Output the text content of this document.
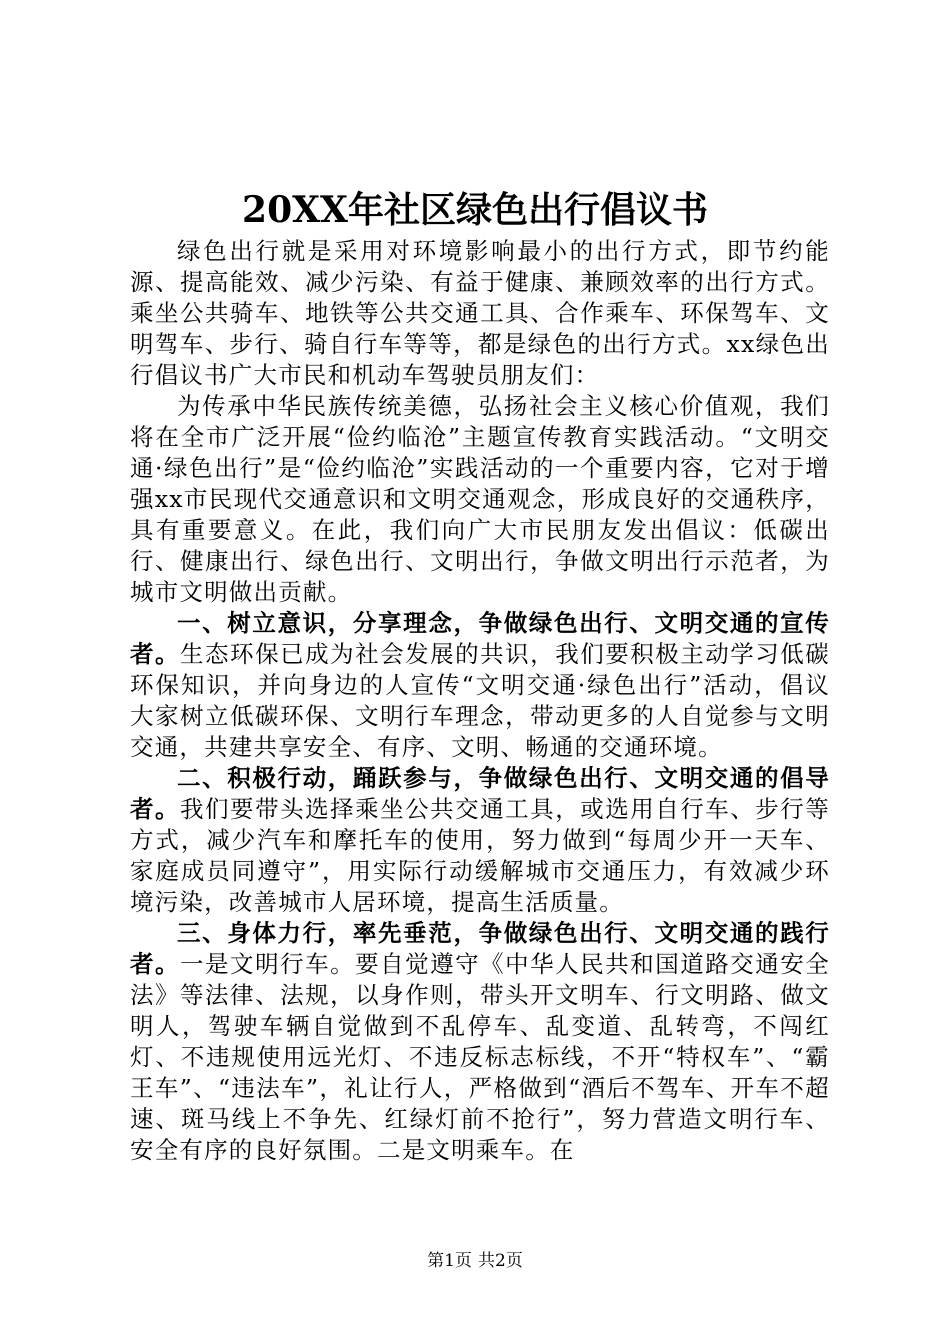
20XX年社区绿色出行倡议书

绿色出行就是采用对环境影响最小的出行方式，即节约能源、提高能效、减少污染、有益于健康、兼顾效率的出行方式。乘坐公共骑车、地铁等公共交通工具、合作乘车、环保驾车、文明驾车、步行、骑自行车等等，都是绿色的出行方式。xx绿色出行倡议书广大市民和机动车驾驶员朋友们：

为传承中华民族传统美德，弘扬社会主义核心价值观，我们将在全市广泛开展“俭约临沧”主题宣传教育实践活动。“文明交通·绿色出行”是“俭约临沧”实践活动的一个重要内容，它对于增强xx市民现代交通意识和文明交通观念，形成良好的交通秩序，具有重要意义。在此，我们向广大市民朋友发出倡议：低碳出行、健康出行、绿色出行、文明出行，争做文明出行示范者，为城市文明做出贡献。

一、树立意识，分享理念，争做绿色出行、文明交通的宣传者。生态环保已成为社会发展的共识，我们要积极主动学习低碳环保知识，并向身边的人宣传“文明交通·绿色出行”活动，倡议大家树立低碳环保、文明行车理念，带动更多的人自觉参与文明交通，共建共享安全、有序、文明、畅通的交通环境。

二、积极行动，踊跃参与，争做绿色出行、文明交通的倡导者。我们要带头选择乘坐公共交通工具，或选用自行车、步行等方式，减少汽车和摩托车的使用，努力做到“每周少开一天车、家庭成员同遵守”，用实际行动缓解城市交通压力，有效减少环境污染，改善城市人居环境，提高生活质量。

三、身体力行，率先垂范，争做绿色出行、文明交通的践行者。一是文明行车。要自觉遵守《中华人民共和国道路交通安全法》等法律、法规，以身作则，带头开文明车、行文明路、做文明人，驾驶车辆自觉做到不乱停车、乱变道、乱转弯，不闯红灯、不违规使用远光灯、不违反标志标线，不开“特权车”、“霸王车”、“违法车”，礼让行人，严格做到“酒后不驾车、开车不超速、斑马线上不争先、红绿灯前不抢行”，努力营造文明行车、安全有序的良好氛围。二是文明乘车。在

第1页 共2页
